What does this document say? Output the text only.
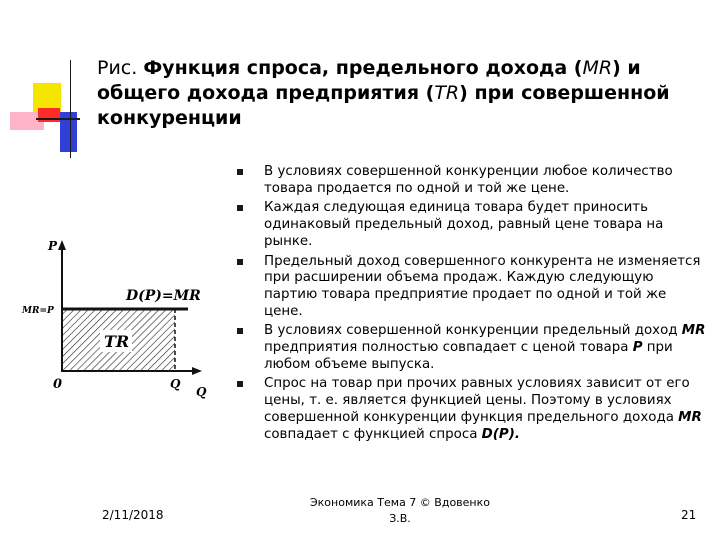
Рис. Функция спроса, предельного дохода (MR) и общего дохода предприятия (TR) при совершенной конкуренции
В условиях совершенной конкуренции любое количество товара продается по одной и той же цене.
Каждая следующая единица товара будет приносить одинаковый предельный доход, равный цене товара на рынке.
Предельный доход совершенного конкурента не изменяется при расширении объема продаж. Каждую следующую партию товара предприятие продает по одной и той же цене.
В условиях совершенной конкуренции предельный доход MR предприятия полностью совпадает с ценой товара P при любом объеме выпуска.
Спрос на товар при прочих равных условиях зависит от его цены, т. е. является функцией цены. Поэтому в условиях совершенной конкуренции функция предельного дохода MR совпадает с функцией спроса D(P).
P
MR=P
D(P)=MR
TR
0	Q
Q
2/11/2018
Экономика Тема 7 © Вдовенко
З.В.	21
